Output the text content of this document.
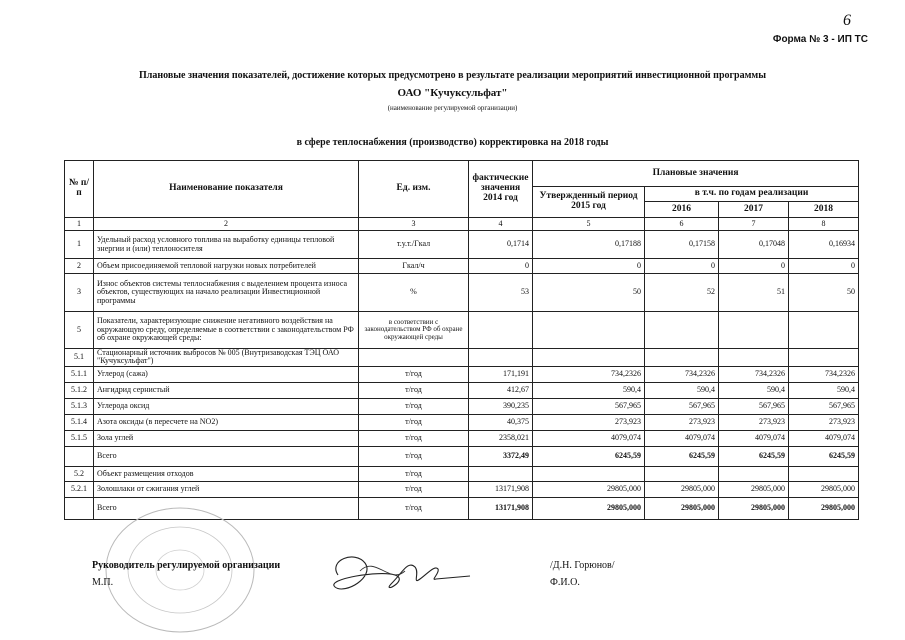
6
Форма № 3 - ИП ТС
Плановые значения показателей, достижение которых предусмотрено в результате реализации мероприятий инвестиционной программы
ОАО "Кучуксульфат"
(наименование регулируемой организации)
в сфере теплоснабжения (производство) корректировка на 2018 годы
№ п/п	Наименование показателя	Ед. изм.	фактические значения 2014 год	Плановые значения			
				Утвержденный период 2015 год	в т.ч. по годам реализации		
					2016	2017	2018
1	2	3	4	5	6	7	8
1	Удельный расход условного топлива на выработку единицы тепловой энергии и (или) теплоносителя	т.у.т./Гкал	0,1714	0,17188	0,17158	0,17048	0,16934
2	Объем присоединяемой тепловой нагрузки новых потребителей	Гкал/ч	0	0	0	0	0
3	Износ объектов системы теплоснабжения с выделением процента износа объектов, существующих на начало реализации Инвестиционной программы	%	53	50	52	51	50
5	Показатели, характеризующие снижение негативного воздействия на окружающую среду, определяемые в соответствии с законодательством РФ об охране окружающей среды:	в соответствии с законодательством РФ об охране окружающей среды					
5.1	Стационарный источник выбросов № 005 (Внутризаводская ТЭЦ ОАО "Кучуксульфат")						
5.1.1	Углерод (сажа)	т/год	171,191	734,2326	734,2326	734,2326	734,2326
5.1.2	Ангидрид сернистый	т/год	412,67	590,4	590,4	590,4	590,4
5.1.3	Углерода оксид	т/год	390,235	567,965	567,965	567,965	567,965
5.1.4	Азота оксиды (в пересчете на NO2)	т/год	40,375	273,923	273,923	273,923	273,923
5.1.5	Зола углей	т/год	2358,021	4079,074	4079,074	4079,074	4079,074
	Всего	т/год	3372,49	6245,59	6245,59	6245,59	6245,59
5.2	Объект размещения отходов	т/год					
5.2.1	Золошлаки от сжигания углей	т/год	13171,908	29805,000	29805,000	29805,000	29805,000
	Всего	т/год	13171,908	29805,000	29805,000	29805,000	29805,000
Руководитель регулируемой организации
М.П.
/Д.Н. Горюнов/
Ф.И.О.
